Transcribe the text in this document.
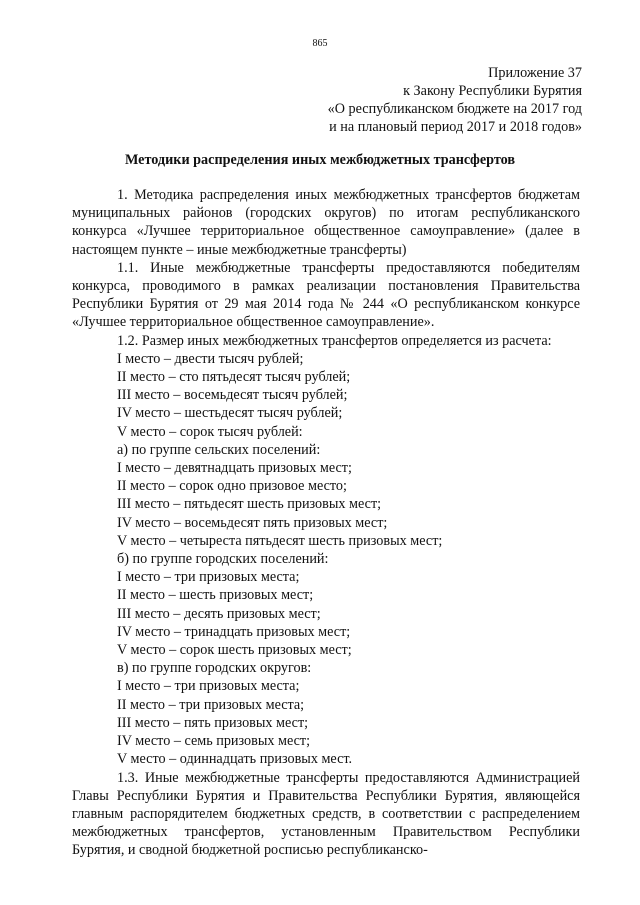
865
Приложение 37
к Закону Республики Бурятия
«О республиканском бюджете на 2017 год
и на плановый период 2017 и 2018 годов»
Методики распределения иных межбюджетных трансфертов

1. Методика распределения иных межбюджетных трансфертов бюджетам муниципальных районов (городских округов) по итогам республиканского конкурса «Лучшее территориальное общественное самоуправление» (далее в настоящем пункте – иные межбюджетные трансферты)

1.1. Иные межбюджетные трансферты предоставляются победителям конкурса, проводимого в рамках реализации постановления Правительства Республики Бурятия от 29 мая 2014 года № 244 «О республиканском конкурсе «Лучшее территориальное общественное самоуправление».

1.2. Размер иных межбюджетных трансфертов определяется из расчета:

I место – двести тысяч рублей;
II место – сто пятьдесят тысяч рублей;
III место – восемьдесят тысяч рублей;
IV место – шестьдесят тысяч рублей;
V место – сорок тысяч рублей:
а) по группе сельских поселений:
I место – девятнадцать призовых мест;
II место – сорок одно призовое место;
III место – пятьдесят шесть призовых мест;
IV место – восемьдесят пять призовых мест;
V место – четыреста пятьдесят шесть призовых мест;
б) по группе городских поселений:
I место – три призовых места;
II место – шесть призовых мест;
III место – десять призовых мест;
IV место – тринадцать призовых мест;
V место – сорок шесть призовых мест;
в) по группе городских округов:
I место – три призовых места;
II место – три призовых места;
III место – пять призовых мест;
IV место – семь призовых мест;
V место – одиннадцать призовых мест.

1.3. Иные межбюджетные трансферты предоставляются Администрацией Главы Республики Бурятия и Правительства Республики Бурятия, являющейся главным распорядителем бюджетных средств, в соответствии с распределением межбюджетных трансфертов, установленным Правительством Республики Бурятия, и сводной бюджетной росписью республиканско-
